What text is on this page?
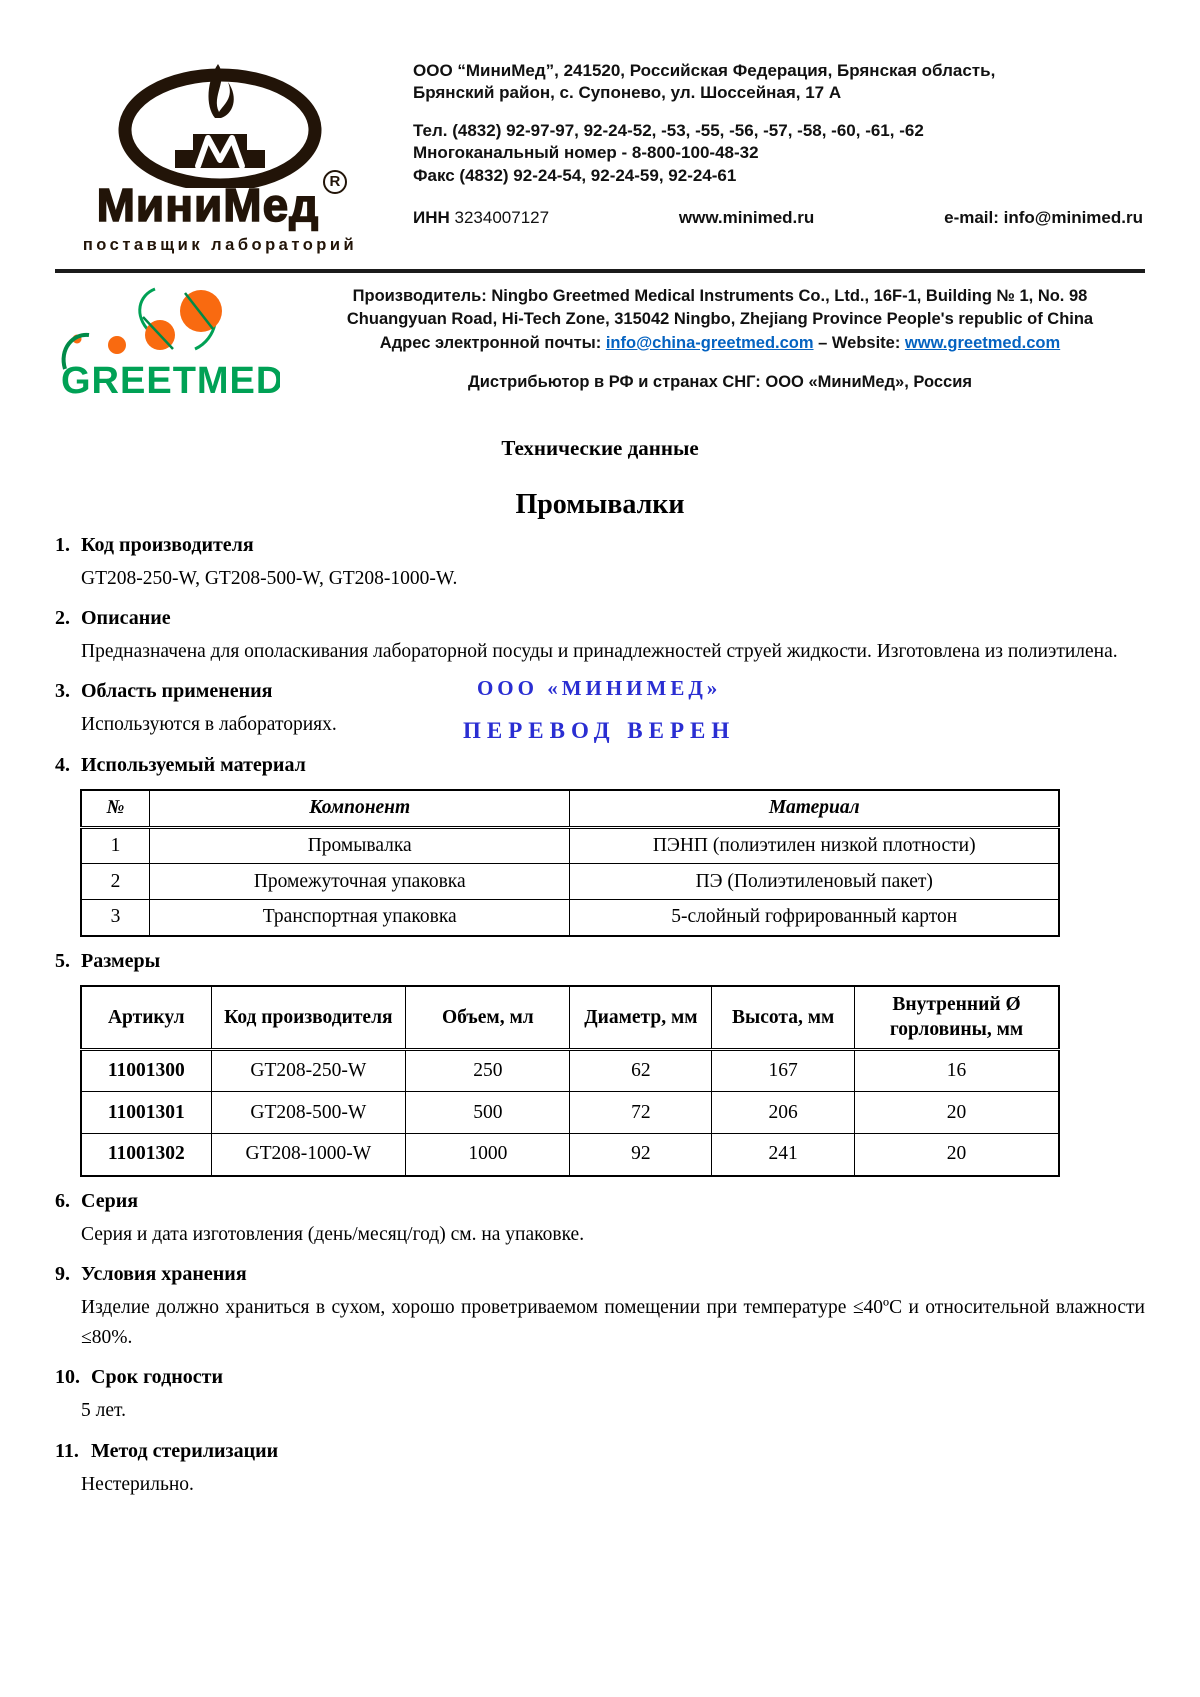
МиниМед R
поставщик лабораторий
ООО “МиниМед”, 241520, Российская Федерация, Брянская область,
Брянский район, с. Супонево, ул. Шоссейная, 17 А
Тел. (4832) 92-97-97, 92-24-52, -53, -55, -56, -57, -58, -60, -61, -62
Многоканальный номер - 8-800-100-48-32
Факс (4832) 92-24-54, 92-24-59, 92-24-61
ИНН 3234007127	www.minimed.ru	e-mail: info@minimed.ru
GREETMED
Производитель: Ningbo Greetmed Medical Instruments Co., Ltd., 16F-1, Building № 1, No. 98
Chuangyuan Road, Hi-Tech Zone, 315042 Ningbo, Zhejiang Province People's republic of China
Адрес электронной почты: info@china-greetmed.com – Website: www.greetmed.com
Дистрибьютор в РФ и странах СНГ: ООО «МиниМед», Россия
Технические данные
Промывалки
1. Код производителя
GT208-250-W, GT208-500-W, GT208-1000-W.
2. Описание
Предназначена для ополаскивания лабораторной посуды и принадлежностей струей жидкости. Изготовлена из полиэтилена.
3. Область применения
Используются в лабораториях.
ООО «МИНИМЕД»
ПЕРЕВОД ВЕРЕН
4. Используемый материал
№	Компонент	Материал
1	Промывалка	ПЭНП (полиэтилен низкой плотности)
2	Промежуточная упаковка	ПЭ (Полиэтиленовый пакет)
3	Транспортная упаковка	5-слойный гофрированный картон
5. Размеры
Артикул	Код производителя	Объем, мл	Диаметр, мм	Высота, мм	Внутренний Ø горловины, мм
11001300	GT208-250-W	250	62	167	16
11001301	GT208-500-W	500	72	206	20
11001302	GT208-1000-W	1000	92	241	20
6. Серия
Серия и дата изготовления (день/месяц/год) см. на упаковке.
9. Условия хранения
Изделие должно храниться в сухом, хорошо проветриваемом помещении при температуре ≤40ºС и относительной влажности ≤80%.
10. Срок годности
5 лет.
11. Метод стерилизации
Нестерильно.
